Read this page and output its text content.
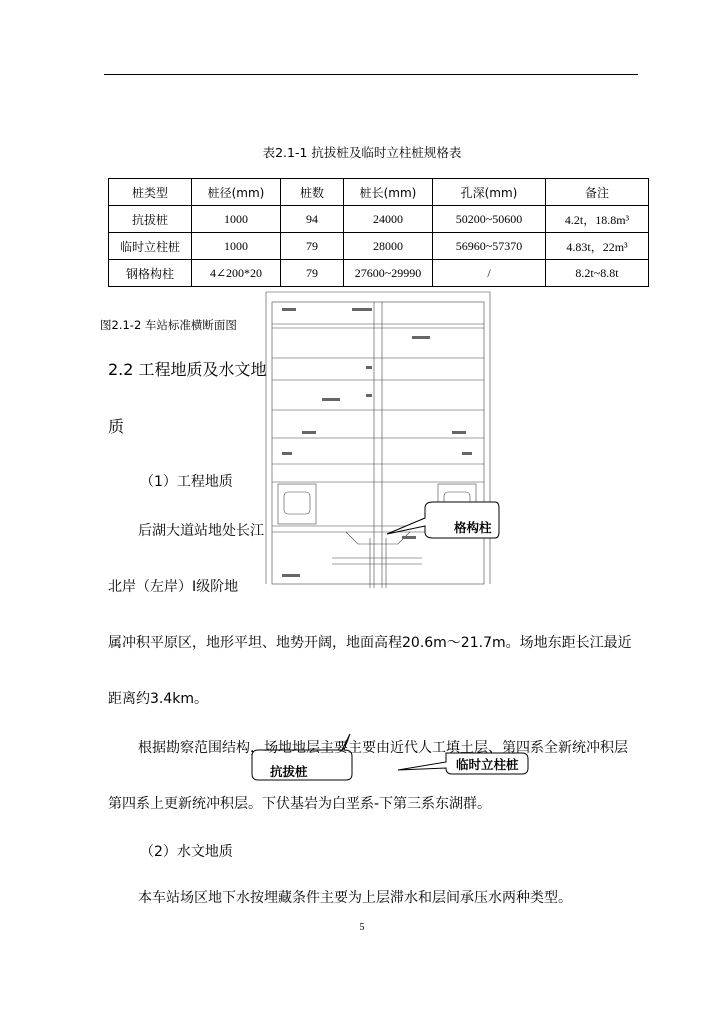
表2.1-1 抗拔桩及临时立柱桩规格表
桩类型	桩径(mm)	桩数	桩长(mm)	孔深(mm)	备注
抗拔桩	1000	94	24000	50200~50600	4.2t，18.8m³
临时立柱桩	1000	79	28000	56960~57370	4.83t，22m³
钢格构柱	4∠200*20	79	27600~29990	/	8.2t~8.8t
图2.1-2 车站标准横断面图
格构柱
抗拔桩	临时立柱桩
2.2 工程地质及水文地
质
（1）工程地质
后湖大道站地处长江
北岸（左岸）Ⅰ级阶地
属冲积平原区，地形平坦、地势开阔，地面高程20.6m～21.7m。场地东距长江最近
距离约3.4km。
根据勘察范围结构，场地地层主要主要由近代人工填土层、第四系全新统冲积层
第四系上更新统冲积层。下伏基岩为白垩系-下第三系东湖群。
（2）水文地质
本车站场区地下水按埋藏条件主要为上层滞水和层间承压水两种类型。
5
